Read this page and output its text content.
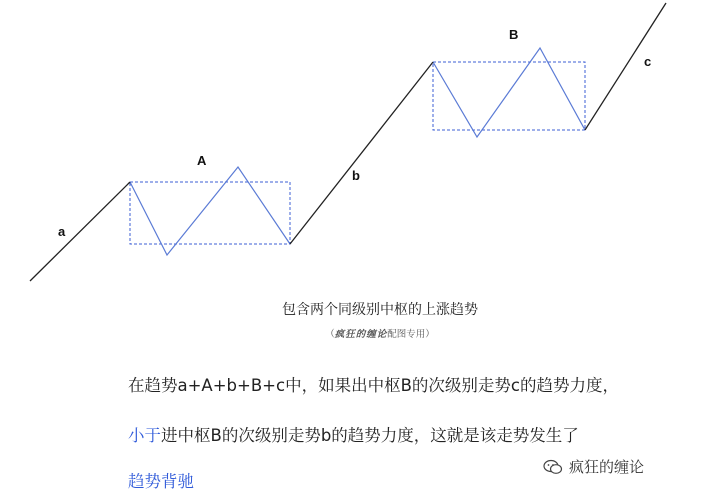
a
A
b
B
c
包含两个同级别中枢的上涨趋势
（疯狂的缠论配图专用）
在趋势a+A+b+B+c中，如果出中枢B的次级别走势c的趋势力度，
小于进中枢B的次级别走势b的趋势力度，这就是该走势发生了
趋势背驰
疯狂的缠论
